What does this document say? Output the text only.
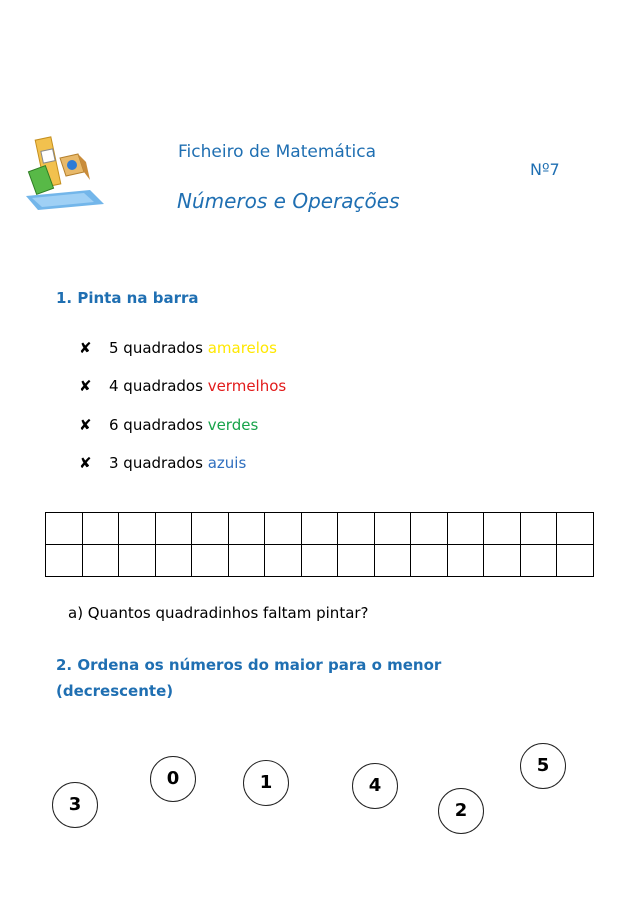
Ficheiro de Matemática
Números e Operações
Nº7
1. Pinta na barra
✘ 5 quadrados amarelos
✘ 4 quadrados vermelhos
✘ 6 quadrados verdes
✘ 3 quadrados azuis

a) Quantos quadradinhos faltam pintar?
2. Ordena os números do maior para o menor
(decrescente)
3
0	1	4
2
5
